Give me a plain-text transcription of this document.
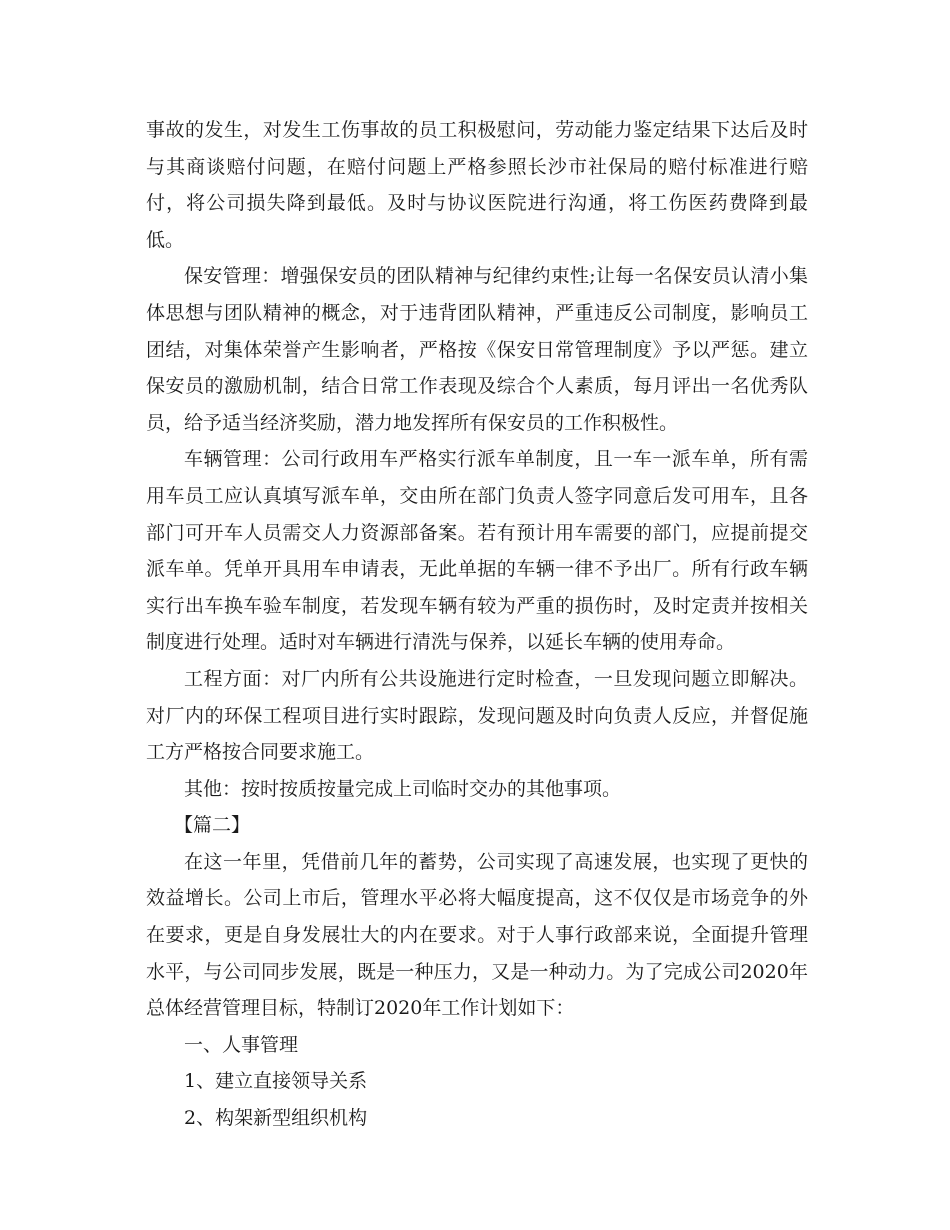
事故的发生，对发生工伤事故的员工积极慰问，劳动能力鉴定结果下达后及时与其商谈赔付问题，在赔付问题上严格参照长沙市社保局的赔付标准进行赔付，将公司损失降到最低。及时与协议医院进行沟通，将工伤医药费降到最低。

保安管理：增强保安员的团队精神与纪律约束性;让每一名保安员认清小集体思想与团队精神的概念，对于违背团队精神，严重违反公司制度，影响员工团结，对集体荣誉产生影响者，严格按《保安日常管理制度》予以严惩。建立保安员的激励机制，结合日常工作表现及综合个人素质，每月评出一名优秀队员，给予适当经济奖励，潜力地发挥所有保安员的工作积极性。

车辆管理：公司行政用车严格实行派车单制度，且一车一派车单，所有需用车员工应认真填写派车单，交由所在部门负责人签字同意后发可用车，且各部门可开车人员需交人力资源部备案。若有预计用车需要的部门，应提前提交派车单。凭单开具用车申请表，无此单据的车辆一律不予出厂。所有行政车辆实行出车换车验车制度，若发现车辆有较为严重的损伤时，及时定责并按相关制度进行处理。适时对车辆进行清洗与保养，以延长车辆的使用寿命。

工程方面：对厂内所有公共设施进行定时检查，一旦发现问题立即解决。对厂内的环保工程项目进行实时跟踪，发现问题及时向负责人反应，并督促施工方严格按合同要求施工。

其他：按时按质按量完成上司临时交办的其他事项。

【篇二】

在这一年里，凭借前几年的蓄势，公司实现了高速发展，也实现了更快的效益增长。公司上市后，管理水平必将大幅度提高，这不仅仅是市场竞争的外在要求，更是自身发展壮大的内在要求。对于人事行政部来说，全面提升管理水平，与公司同步发展，既是一种压力，又是一种动力。为了完成公司2020年总体经营管理目标，特制订2020年工作计划如下：

一、人事管理

1、建立直接领导关系

2、构架新型组织机构
